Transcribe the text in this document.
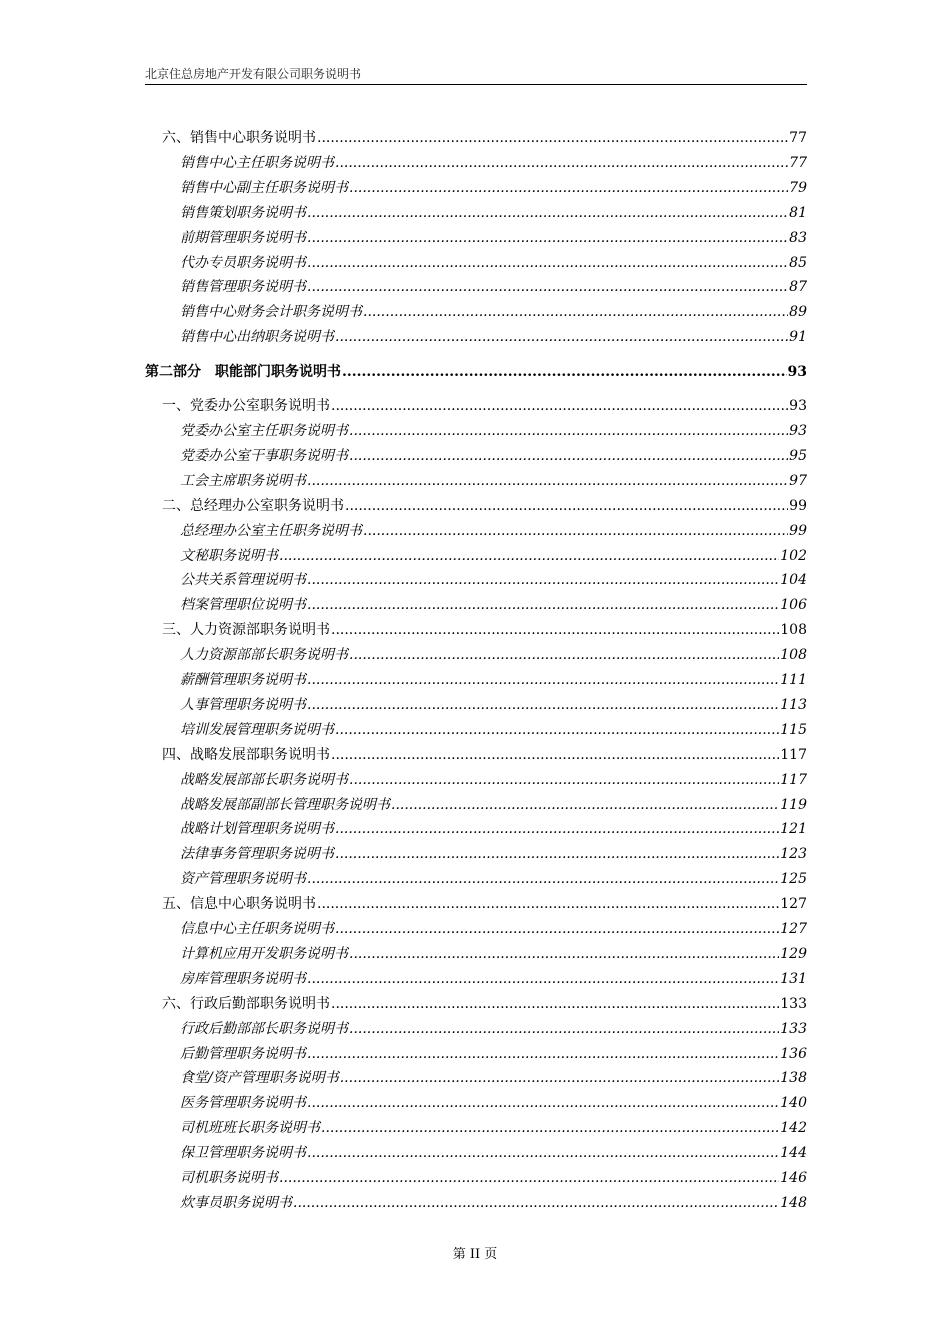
北京住总房地产开发有限公司职务说明书
六、销售中心职务说明书 .....	77
销售中心主任职务说明书 .....	77
销售中心副主任职务说明书 .....	79
销售策划职务说明书 .....	81
前期管理职务说明书 .....	83
代办专员职务说明书 .....	85
销售管理职务说明书 .....	87
销售中心财务会计职务说明书 .....	89
销售中心出纳职务说明书 .....	91
第二部分　职能部门职务说明书 .....	93
一、党委办公室职务说明书 .....	93
党委办公室主任职务说明书 .....	93
党委办公室干事职务说明书 .....	95
工会主席职务说明书 .....	97
二、总经理办公室职务说明书 .....	99
总经理办公室主任职务说明书 .....	99
文秘职务说明书 .....	102
公共关系管理说明书 .....	104
档案管理职位说明书 .....	106
三、人力资源部职务说明书 .....	108
人力资源部部长职务说明书 .....	108
薪酬管理职务说明书 .....	111
人事管理职务说明书 .....	113
培训发展管理职务说明书 .....	115
四、战略发展部职务说明书 .....	117
战略发展部部长职务说明书 .....	117
战略发展部副部长管理职务说明书 .....	119
战略计划管理职务说明书 .....	121
法律事务管理职务说明书 .....	123
资产管理职务说明书 .....	125
五、信息中心职务说明书 .....	127
信息中心主任职务说明书 .....	127
计算机应用开发职务说明书 .....	129
房库管理职务说明书 .....	131
六、行政后勤部职务说明书 .....	133
行政后勤部部长职务说明书 .....	133
后勤管理职务说明书 .....	136
食堂/资产管理职务说明书 .....	138
医务管理职务说明书 .....	140
司机班班长职务说明书 .....	142
保卫管理职务说明书 .....	144
司机职务说明书 .....	146
炊事员职务说明书 .....	148
第 II 页
